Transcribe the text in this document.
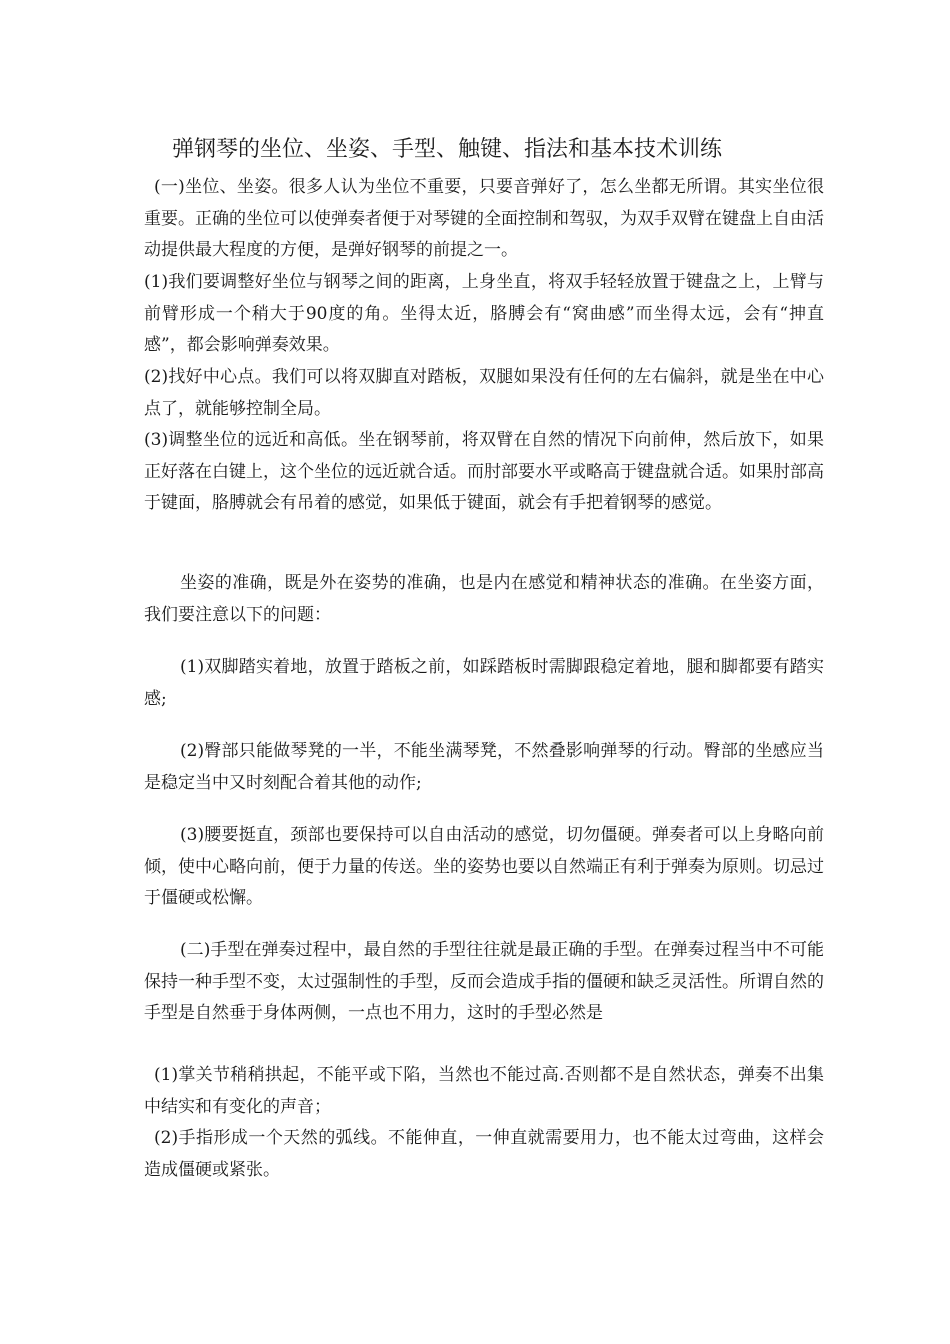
弹钢琴的坐位、坐姿、手型、触键、指法和基本技术训练

(一)坐位、坐姿。很多人认为坐位不重要，只要音弹好了，怎么坐都无所谓。其实坐位很重要。正确的坐位可以使弹奏者便于对琴键的全面控制和驾驭，为双手双臂在键盘上自由活动提供最大程度的方便，是弹好钢琴的前提之一。

(1)我们要调整好坐位与钢琴之间的距离，上身坐直，将双手轻轻放置于键盘之上，上臂与前臂形成一个稍大于90度的角。坐得太近，胳膊会有“窝曲感”而坐得太远，会有“抻直感”，都会影响弹奏效果。

(2)找好中心点。我们可以将双脚直对踏板，双腿如果没有任何的左右偏斜，就是坐在中心点了，就能够控制全局。

(3)调整坐位的远近和高低。坐在钢琴前，将双臂在自然的情况下向前伸，然后放下，如果正好落在白键上，这个坐位的远近就合适。而肘部要水平或略高于键盘就合适。如果肘部高于键面，胳膊就会有吊着的感觉，如果低于键面，就会有手把着钢琴的感觉。

坐姿的准确，既是外在姿势的准确，也是内在感觉和精神状态的准确。在坐姿方面，我们要注意以下的问题：

(1)双脚踏实着地，放置于踏板之前，如踩踏板时需脚跟稳定着地，腿和脚都要有踏实感;

(2)臀部只能做琴凳的一半，不能坐满琴凳，不然叠影响弹琴的行动。臀部的坐感应当是稳定当中又时刻配合着其他的动作;

(3)腰要挺直，颈部也要保持可以自由活动的感觉，切勿僵硬。弹奏者可以上身略向前倾，使中心略向前，便于力量的传送。坐的姿势也要以自然端正有利于弹奏为原则。切忌过于僵硬或松懈。

(二)手型在弹奏过程中，最自然的手型往往就是最正确的手型。在弹奏过程当中不可能保持一种手型不变，太过强制性的手型，反而会造成手指的僵硬和缺乏灵活性。所谓自然的手型是自然垂于身体两侧，一点也不用力，这时的手型必然是

(1)掌关节稍稍拱起，不能平或下陷，当然也不能过高.否则都不是自然状态，弹奏不出集中结实和有变化的声音；

(2)手指形成一个天然的弧线。不能伸直，一伸直就需要用力，也不能太过弯曲，这样会造成僵硬或紧张。
